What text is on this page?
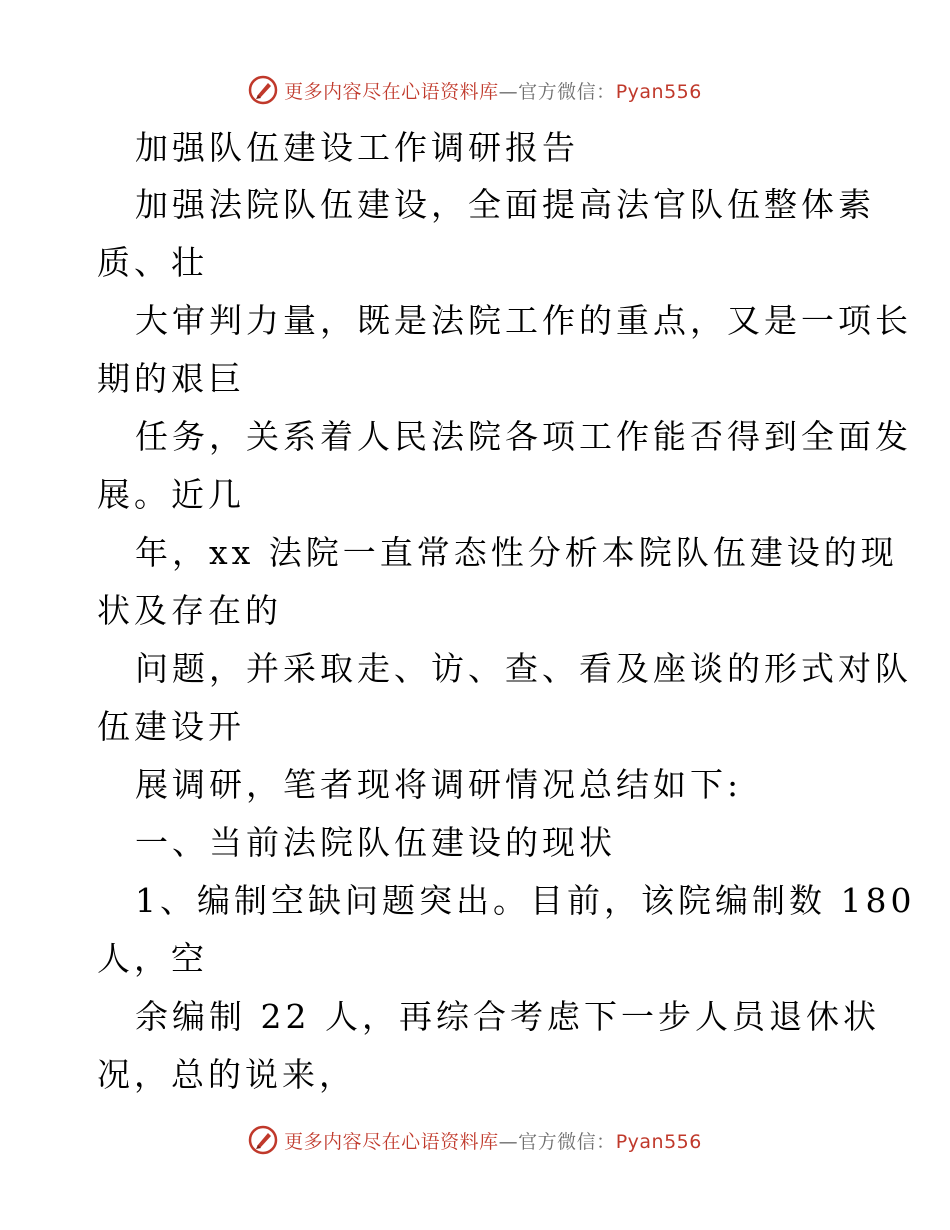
更多内容尽在心语资料库—官方微信：Pyan556
加强队伍建设工作调研报告
加强法院队伍建设，全面提高法官队伍整体素
质、壮
大审判力量，既是法院工作的重点，又是一项长
期的艰巨
任务，关系着人民法院各项工作能否得到全面发
展。近几
年，xx 法院一直常态性分析本院队伍建设的现
状及存在的
问题，并采取走、访、查、看及座谈的形式对队
伍建设开
展调研，笔者现将调研情况总结如下:
一、当前法院队伍建设的现状
1、编制空缺问题突出。目前，该院编制数 180
人，空
余编制 22 人，再综合考虑下一步人员退休状
况，总的说来，
更多内容尽在心语资料库—官方微信：Pyan556
